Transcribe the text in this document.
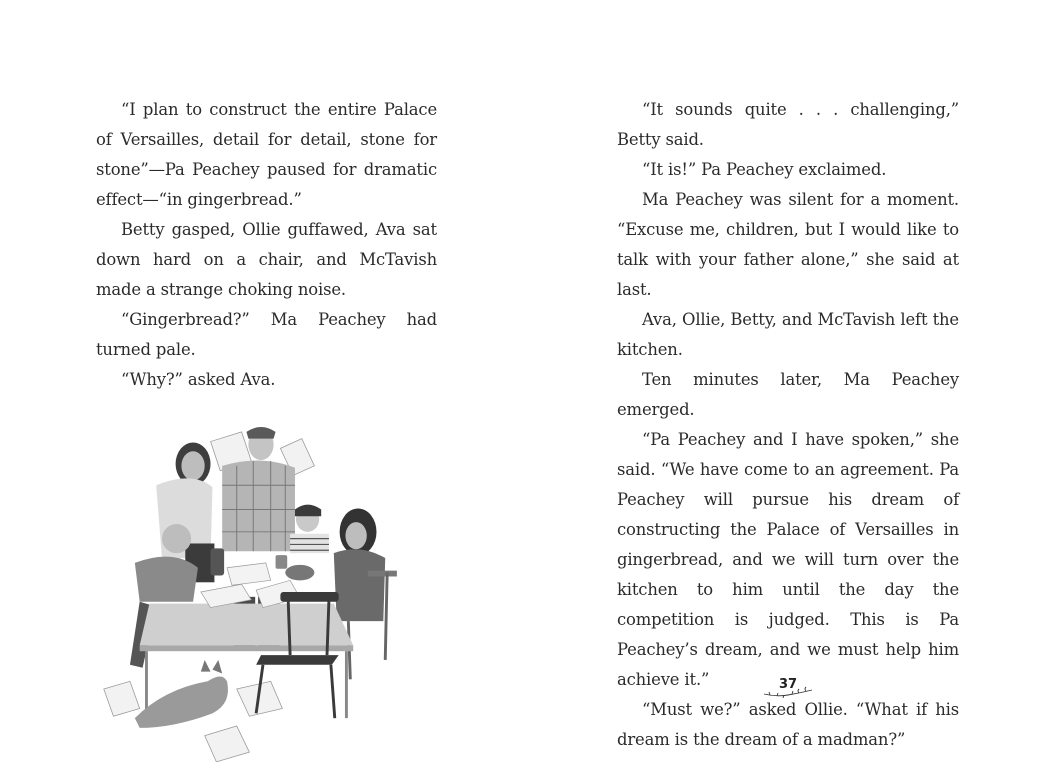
“I plan to construct the entire Palace of Versailles, detail for detail, stone for stone”—Pa Peachey paused for dramatic effect—“in gingerbread.”

Betty gasped, Ollie guffawed, Ava sat down hard on a chair, and McTavish made a strange choking noise.

“Gingerbread?” Ma Peachey had turned pale.

“Why?” asked Ava.

“It sounds quite . . . challenging,” Betty said.

“It is!” Pa Peachey exclaimed.

Ma Peachey was silent for a moment. “Excuse me, children, but I would like to talk with your father alone,” she said at last.

Ava, Ollie, Betty, and McTavish left the kitchen.

Ten minutes later, Ma Peachey emerged.

“Pa Peachey and I have spoken,” she said. “We have come to an agreement. Pa Peachey will pursue his dream of constructing the Palace of Versailles in gingerbread, and we will turn over the kitchen to him until the day the competition is judged. This is Pa Peachey’s dream, and we must help him achieve it.”

“Must we?” asked Ollie. “What if his dream is the dream of a madman?”

37
